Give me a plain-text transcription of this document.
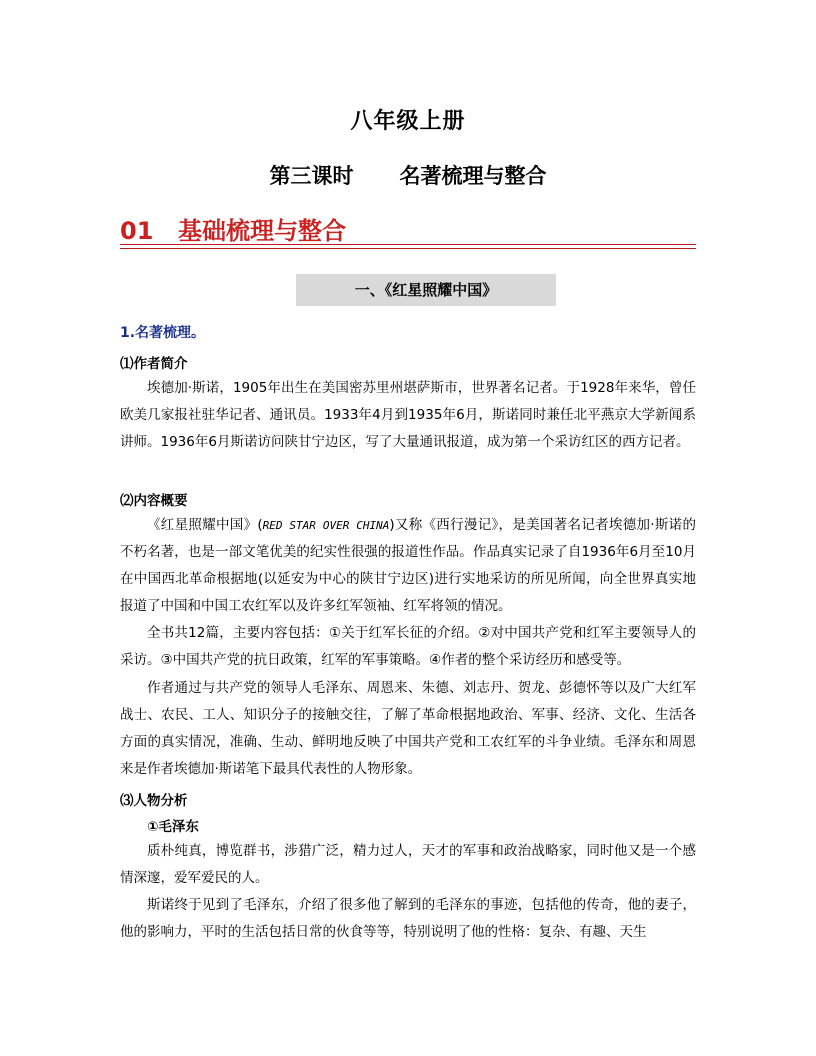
八年级上册
第三课时 名著梳理与整合
01 基础梳理与整合
一、《红星照耀中国》
1.名著梳理。
⑴作者简介

埃德加·斯诺，1905年出生在美国密苏里州堪萨斯市，世界著名记者。于1928年来华，曾任欧美几家报社驻华记者、通讯员。1933年4月到1935年6月，斯诺同时兼任北平燕京大学新闻系讲师。1936年6月斯诺访问陕甘宁边区，写了大量通讯报道，成为第一个采访红区的西方记者。

⑵内容概要

《红星照耀中国》(RED STAR OVER CHINA)又称《西行漫记》，是美国著名记者埃德加·斯诺的不朽名著，也是一部文笔优美的纪实性很强的报道性作品。作品真实记录了自1936年6月至10月在中国西北革命根据地(以延安为中心的陕甘宁边区)进行实地采访的所见所闻，向全世界真实地报道了中国和中国工农红军以及许多红军领袖、红军将领的情况。

全书共12篇，主要内容包括：①关于红军长征的介绍。②对中国共产党和红军主要领导人的采访。③中国共产党的抗日政策，红军的军事策略。④作者的整个采访经历和感受等。

作者通过与共产党的领导人毛泽东、周恩来、朱德、刘志丹、贺龙、彭德怀等以及广大红军战士、农民、工人、知识分子的接触交往，了解了革命根据地政治、军事、经济、文化、生活各方面的真实情况，准确、生动、鲜明地反映了中国共产党和工农红军的斗争业绩。毛泽东和周恩来是作者埃德加·斯诺笔下最具代表性的人物形象。

⑶人物分析
①毛泽东

质朴纯真，博览群书，涉猎广泛，精力过人，天才的军事和政治战略家，同时他又是一个感情深邃，爱军爱民的人。

斯诺终于见到了毛泽东，介绍了很多他了解到的毛泽东的事迹，包括他的传奇，他的妻子，他的影响力，平时的生活包括日常的伙食等等，特别说明了他的性格：复杂、有趣、天生
